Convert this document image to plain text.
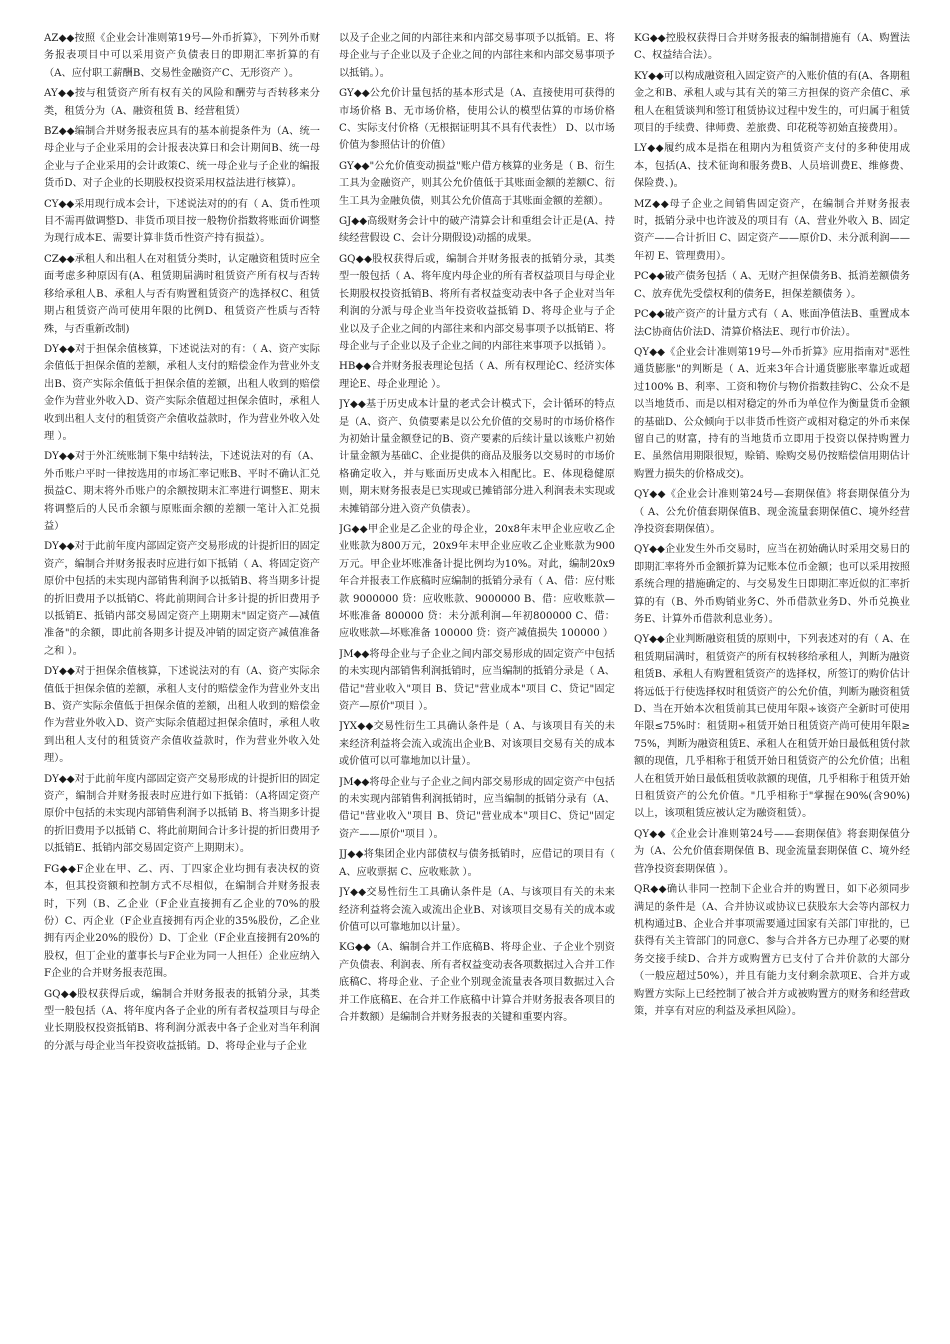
AZ◆◆按照《企业会计准则第19号—外币折算》，下列外币财务报表项目中可以采用资产负债表日的即期汇率折算的有（A、应付职工薪酬B、交易性金融资产C、无形资产 ）。

AY◆◆按与租赁资产所有权有关的风险和酬劳与否转移来分类，租赁分为（A、融资租赁 B、经营租赁）

BZ◆◆编制合并财务报表应具有的基本前提条件为（A、统一母企业与子企业采用的会计报表决算日和会计期间B、统一母企业与子企业采用的会计政策C、统一母企业与子企业的编报货币D、对子企业的长期股权投资采用权益法进行核算）。

CY◆◆采用现行成本会计，下述说法对的的有（ A、货币性项目不需再做调整D、非货币项目按一般物价指数将账面价调整为现行成本E、需要计算非货币性资产持有损益）。

CZ◆◆承租人和出租人在对租赁分类时，认定融资租赁时应全面考虑多种原因有(A、租赁期届满时租赁资产所有权与否转移给承租人B、承租人与否有购置租赁资产的选择权C、租赁期占租赁资产尚可使用年限的比例D、租赁资产性质与否特殊，与否重新改制)

DY◆◆对于担保余值核算，下述说法对的有：（ A、资产实际余值低于担保余值的差额，承租人支付的赔偿金作为营业外支出B、资产实际余值低于担保余值的差额，出租人收到的赔偿金作为营业外收入D、资产实际余值超过担保余值时，承租人收到出租人支付的租赁资产余值收益款时，作为营业外收入处理 ）。

DY◆◆对于外汇统账制下集中结转法，下述说法对的有（A、外币账户平时一律按选用的市场汇率记账B、平时不确认汇兑损益C、期末将外币账户的余额按期末汇率进行调整E、期末将调整后的人民币余额与原账面余额的差额一笔计入汇兑损益）

DY◆◆对于此前年度内部固定资产交易形成的计提折旧的固定资产，编制合并财务报表时应进行如下抵销（ A、将固定资产原价中包括的未实现内部销售利润予以抵销B、将当期多计提的折旧费用予以抵销C、将此前期间合计多计提的折旧费用予以抵销E、抵销内部交易固定资产上期期末"固定资产—减值准备"的余额，即此前各期多计提及冲销的固定资产减值准备之和 ）。

DY◆◆对于担保余值核算，下述说法对的有（A、资产实际余值低于担保余值的差额，承租人支付的赔偿金作为营业外支出B、资产实际余值低于担保余值的差额，出租人收到的赔偿金作为营业外收入D、资产实际余值超过担保余值时，承租人收到出租人支付的租赁资产余值收益款时，作为营业外收入处理）。

DY◆◆对于此前年度内部固定资产交易形成的计提折旧的固定资产，编制合并财务报表时应进行如下抵销：（A将固定资产原价中包括的未实现内部销售利润予以抵销 B、将当期多计提的折旧费用予以抵销 C、将此前期间合计多计提的折旧费用予以抵销E、抵销内部交易固定资产上期期末）。

FG◆◆F企业在甲、乙、丙、丁四家企业均拥有表决权的资本，但其投资额和控制方式不尽相似，在编制合并财务报表时，下列（B、乙企业（F企业直接拥有乙企业的70%的股份）C、丙企业（F企业直接拥有丙企业的35%股份，乙企业拥有丙企业20%的股份）D、丁企业（F企业直接拥有20%的股权，但丁企业的董事长与F企业为同一人担任）企业应纳入F企业的合并财务报表范围。

GQ◆◆股权获得后或，编制合并财务报表的抵销分录，其类型一般包括（A、将年度内各子企业的所有者权益项目与母企业长期股权投资抵销B、将利润分派表中各子企业对当年利润的分派与母企业当年投资收益抵销。D、将母企业与子企业

以及子企业之间的内部往来和内部交易事项予以抵销。E、将母企业与子企业以及子企业之间的内部往来和内部交易事项予以抵销。）。

GY◆◆公允价计量包括的基本形式是（A、直接使用可获得的市场价格 B、无市场价格，使用公认的模型估算的市场价格C、实际支付价格（无根据证明其不具有代表性） D、以市场价值为参照估计的价值）

GY◆◆"公允价值变动损益"账户借方核算的业务是（ B、衍生工具为金融资产，则其公允价值低于其账面金额的差额C、衍生工具为金融负债，则其公允价值高于其账面金额的差额）。

GJ◆◆高级财务会计中的破产清算会计和重组会计正是(A、持续经营假设 C、会计分期假设)动摇的成果。

GQ◆◆股权获得后或，编制合并财务报表的抵销分录，其类型一般包括（ A、将年度内母企业的所有者权益项目与母企业长期股权投资抵销B、将所有者权益变动表中各子企业对当年利润的分派与母企业当年投资收益抵销 D、将母企业与子企业以及子企业之间的内部往来和内部交易事项予以抵销E、将母企业与子企业以及子企业之间的内部往来事项予以抵销 ）。

HB◆◆合并财务报表理论包括（ A、所有权理论C、经济实体理论E、母企业理论 ）。

JY◆◆基于历史成本计量的老式会计模式下，会计循环的特点是（A、资产、负债要素是以公允价值的交易时的市场价格作为初始计量金额登记的B、资产要素的后续计量以该账户初始计量金额为基础C、企业提供的商品及服务以交易时的市场价格确定收入，并与账面历史成本入相配比。E、体现稳健原则，期末财务报表是已实现或已摊销部分进入利润表未实现或未摊销部分进入资产负债表）。

JG◆◆甲企业是乙企业的母企业，20x8年末甲企业应收乙企业账款为800万元，20x9年末甲企业应收乙企业账款为900万元。甲企业坏账准备计提比例均为10%。对此，编制20x9年合并报表工作底稿时应编制的抵销分录有（ A、借：应付账款 9000000 贷：应收账款、9000000 B、借：应收账款—坏账准备 800000 贷：未分派利润—年初800000 C、借：应收账款—坏账准备 100000 贷：资产减值损失 100000 ）

JM◆◆将母企业与子企业之间内部交易形成的固定资产中包括的未实现内部销售利润抵销时，应当编制的抵销分录是（ A、借记"营业收入"项目 B、贷记"营业成本"项目 C、贷记"固定资产—原价"项目 ）。

JYX◆◆交易性衍生工具确认条件是（ A、与该项目有关的未来经济利益将会流入或流出企业B、对该项目交易有关的成本或价值可以可靠地加以计量）。

JM◆◆将母企业与子企业之间内部交易形成的固定资产中包括的未实现内部销售利润抵销时，应当编制的抵销分录有（A、借记"营业收入"项目 B、贷记"营业成本"项目C、贷记"固定资产——原价"项目 ）。

JJ◆◆将集团企业内部债权与债务抵销时，应借记的项目有（ A、应收票据 C、应收账款 ）。

JY◆◆交易性衍生工具确认条件是（A、与该项目有关的未来经济利益将会流入或流出企业B、对该项目交易有关的成本或价值可以可靠地加以计量）。

KG◆◆（A、编制合并工作底稿B、将母企业、子企业个别资产负债表、利润表、所有者权益变动表各项数据过入合并工作底稿C、将母企业、子企业个别现金流量表各项目数据过入合并工作底稿E、在合并工作底稿中计算合并财务报表各项目的合并数额）是编制合并财务报表的关键和重要内容。

KG◆◆控股权获得日合并财务报表的编制措施有（A、购置法C、权益结合法）。

KY◆◆可以构成融资租入固定资产的入账价值的有(A、各期租金之和B、承租人或与其有关的第三方担保的资产余值C、承租人在租赁谈判和签订租赁协议过程中发生的，可归属于租赁项目的手续费、律师费、差旅费、印花税等初始直接费用）。

LY◆◆履约成本是指在租期内为租赁资产支付的多种使用成本，包括(A、技术征询和服务费B、人员培训费E、维修费、保险费、)。

MZ◆◆母子企业之间销售固定资产，在编制合并财务报表时，抵销分录中也许波及的项目有（A、营业外收入 B、固定资产——合计折旧 C、固定资产——原价D、未分派利润——年初 E、管理费用）。

PC◆◆破产债务包括（ A、无财产担保债务B、抵消差额债务C、放弃优先受偿权利的债务E，担保差额债务 ）。

PC◆◆破产资产的计量方式有（ A、账面净值法B、重置成本法C协商估价法D、清算价格法E、现行市价法）。

QY◆◆《企业会计准则第19号—外币折算》应用指南对"恶性通货膨胀"的判断是（ A、近来3年合计通货膨胀率靠近或超过100% B、利率、工资和物价与物价指数挂钩C、公众不是以当地货币、而是以相对稳定的外币为单位作为衡量货币金额的基础D、公众倾向于以非货币性资产或相对稳定的外币来保留自己的财富，持有的当地货币立即用于投资以保持购置力E、虽然信用期限很短，赊销、赊购交易仍按赔偿信用期估计购置力损失的价格成交)。

QY◆◆《企业会计准则第24号—套期保值》将套期保值分为（ A、公允价值套期保值B、现金流量套期保值C、境外经营净投资套期保值）。

QY◆◆企业发生外币交易时，应当在初始确认时采用交易日的即期汇率将外币金额折算为记账本位币金额；也可以采用按照系统合理的措施确定的、与交易发生日即期汇率近似的汇率折算的有（B、外币购销业务C、外币借款业务D、外币兑换业务E、计算外币借款利息业务）。

QY◆◆企业判断融资租赁的原则中，下列表述对的有（ A、在租赁期届满时，租赁资产的所有权转移给承租人，判断为融资租赁B、承租人有购置租赁资产的选择权，所签订的购价估计将远低于行使选择权时租赁资产的公允价值，判断为融资租赁D、当在开始本次租赁前其已使用年限÷该资产全新时可使用年限≤75%时：租赁期÷租赁开始日租赁资产尚可使用年限≥75%，判断为融资租赁E、承租人在租赁开始日最低租赁付款额的现值，几乎相称于租赁开始日租赁资产的公允价值；出租人在租赁开始日最低租赁收款额的现值，几乎相称于租赁开始日租赁资产的公允价值。"几乎相称于"掌握在90%(含90%)以上，该项租赁应被认定为融资租赁）。

QY◆◆《企业会计准则第24号——套期保值》将套期保值分为（A、公允价值套期保值 B、现金流量套期保值 C、境外经营净投资套期保值 ）。

QR◆◆确认非同一控制下企业合并的购置日，如下必须同步满足的条件是（A、合并协议或协议已获股东大会等内部权力机构通过B、企业合并事项需要通过国家有关部门审批的，已获得有关主管部门的同意C、参与合并各方已办理了必要的财务交接手续D、合并方或购置方已支付了合并价款的大部分（一般应超过50%），并且有能力支付剩余款项E、合并方或购置方实际上已经控制了被合并方或被购置方的财务和经营政策，并享有对应的利益及承担风险）。
